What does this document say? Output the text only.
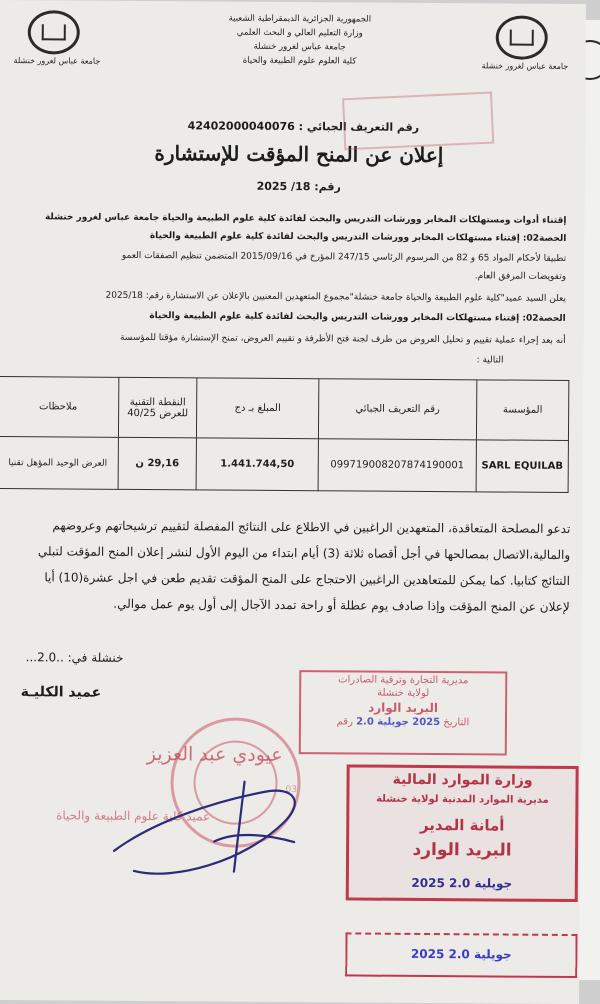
جامعة عباس لغرور خنشلة
جامعة عباس لغرور خنشلة
الجمهورية الجزائرية الديمقراطية الشعبية
وزارة التعليم العالي و البحث العلمي
جامعة عباس لغرور خنشلة
كلية العلوم علوم الطبيعة والحياة
رقم التعريف الجبائي : 42402000040076
إعلان عن المنح المؤقت للإستشارة
رقم: 18/ 2025
إقتناء أدوات ومستهلكات المخابر وورشات التدريس والبحث لفائدة كلية علوم الطبيعة والحياة جامعة عباس لغرور خنشلة
الحصة02: إقتناء مستهلكات المخابر وورشات التدريس والبحث لفائدة كلية علوم الطبيعة والحياة
تطبيقا لأحكام المواد 65 و 82 من المرسوم الرئاسي 247/15 المؤرخ في 2015/09/16 المتضمن تنظيم الصفقات العمو
وتفويضات المرفق العام.
يعلن السيد عميد"كلية علوم الطبيعة والحياة جامعة خنشلة"مجموع المتعهدين المعنيين بالإعلان عن الاستشارة رقم: 2025/18
الحصة02: إقتناء مستهلكات المخابر وورشات التدريس والبحث لفائدة كلية علوم الطبيعة والحياة
أنه بعد إجراء عملية تقييم و تحليل العروض من طرف لجنة فتح الأظرفة و تقييم العروض، تمنح الإستشارة مؤقتا للمؤسسة
التالية :
المؤسسة	رقم التعريف الجبائي	المبلغ بـ دج	النقطة التقنية للعرض 40/25	ملاحظات
SARL EQUILAB	099719008207874190001	1.441.744,50	29,16 ن	العرض الوحيد المؤهل تقنيا
تدعو المصلحة المتعاقدة، المتعهدين الراغبين في الاطلاع على النتائج المفصلة لتقييم ترشيحاتهم وعروضهم
والمالية،الاتصال بمصالحها في أجل أقصاه ثلاثة (3) أيام ابتداء من اليوم الأول لنشر إعلان المنح المؤقت لتبلي
النتائج كتابيا. كما يمكن للمتعاهدين الراغبين الاحتجاج على المنح المؤقت تقديم طعن في اجل عشرة(10) أيا
لإعلان عن المنح المؤقت وإذا صادف يوم عطلة أو راحة تمدد الآجال إلى أول يوم عمل موالي.
خنشلة في: ..2.0...
عميد الكليـة
مديرية التجارة وترقية الصادرات
لولاية خنشلة
البريد الوارد
التاريخ 2025 جويلية 2.0 رقم
03
عيودي عبد العزيز
عميد كلية علوم الطبيعة والحياة
وزارة الموارد المالية
مديرية الموارد المدنية لولاية خنشلة
أمانة المدير
البريد الوارد
2025 جويلية 2.0
2025 جويلية 2.0
